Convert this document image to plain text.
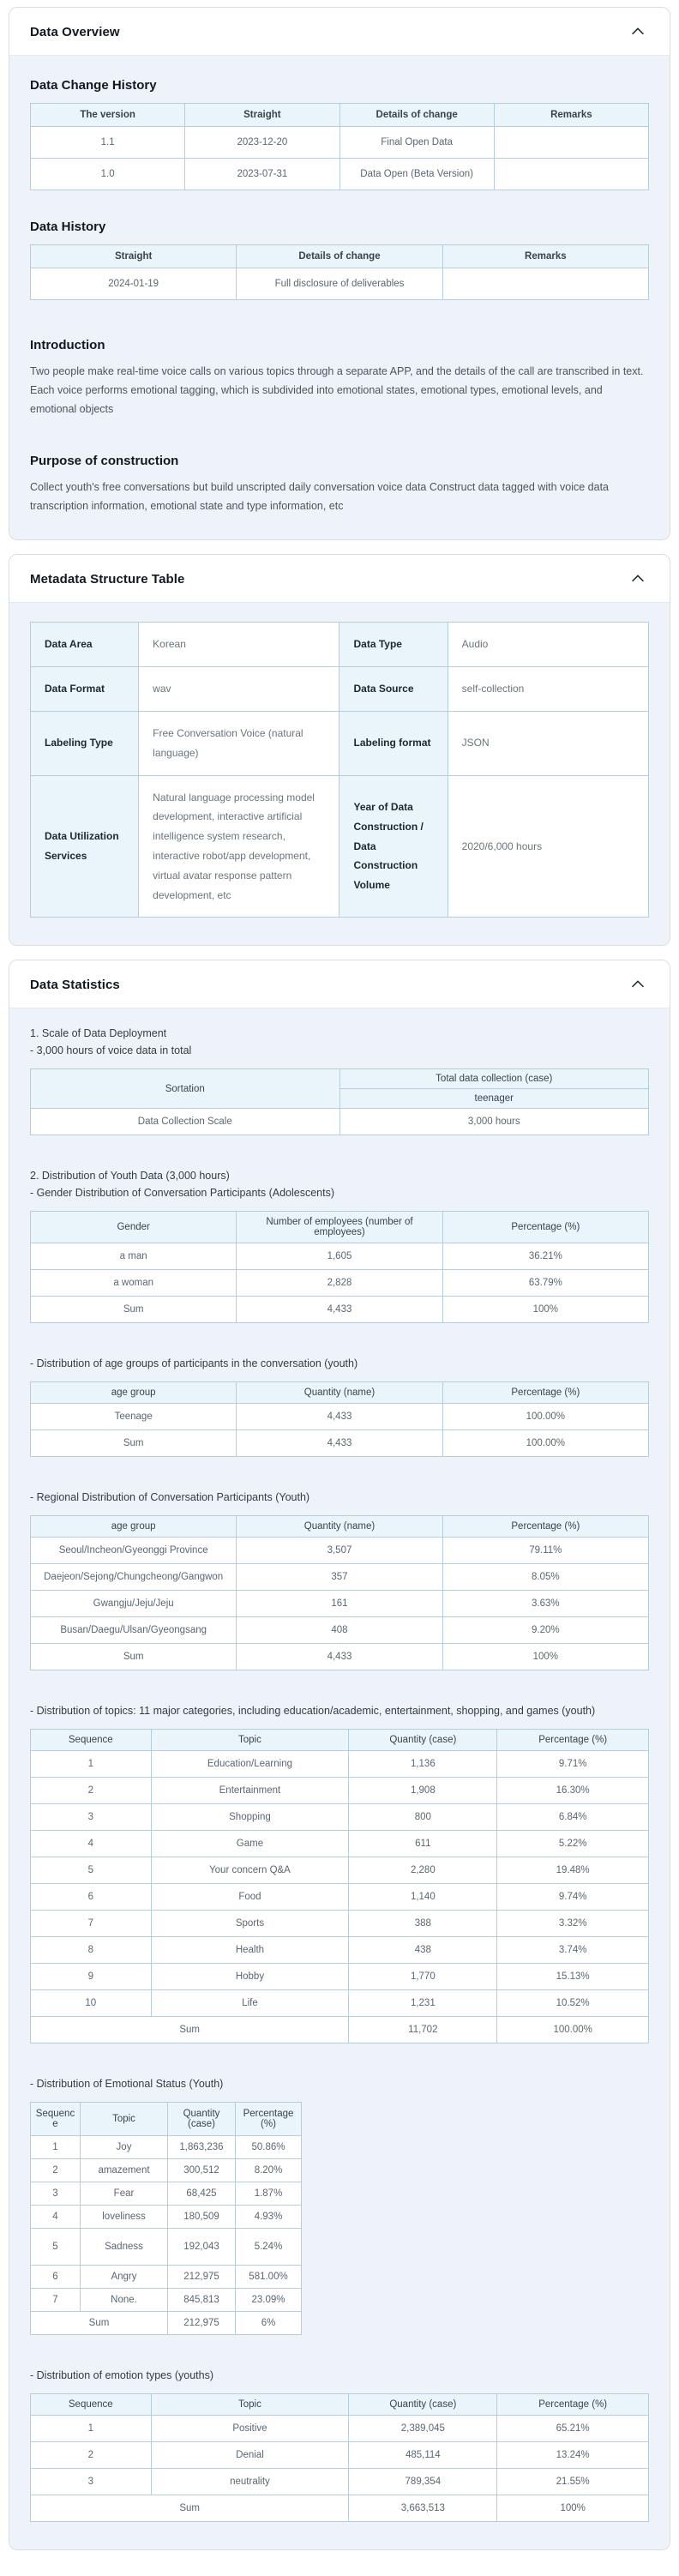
Data Overview
Data Change History
The version	Straight	Details of change	Remarks
1.1	2023-12-20	Final Open Data	
1.0	2023-07-31	Data Open (Beta Version)	
Data History
Straight	Details of change	Remarks
2024-01-19	Full disclosure of deliverables	
Introduction

Two people make real-time voice calls on various topics through a separate APP, and the details of the call are transcribed in text. Each voice performs emotional tagging, which is subdivided into emotional states, emotional types, emotional levels, and emotional objects

Purpose of construction

Collect youth's free conversations but build unscripted daily conversation voice data Construct data tagged with voice data transcription information, emotional state and type information, etc

Metadata Structure Table
Data Area	Korean	Data Type	Audio
Data Format	wav	Data Source	self-collection
Labeling Type	Free Conversation Voice (natural language)	Labeling format	JSON
Data Utilization Services	Natural language processing model development, interactive artificial intelligence system research, interactive robot/app development, virtual avatar response pattern development, etc	Year of Data Construction / Data Construction Volume	2020/6,000 hours
Data Statistics

1. Scale of Data Deployment

- 3,000 hours of voice data in total

Sortation	Total data collection (case)
	teenager
Data Collection Scale	3,000 hours

2. Distribution of Youth Data (3,000 hours)

- Gender Distribution of Conversation Participants (Adolescents)

Gender	Number of employees (number of employees)	Percentage (%)
a man	1,605	36.21%
a woman	2,828	63.79%
Sum	4,433	100%

- Distribution of age groups of participants in the conversation (youth)

age group	Quantity (name)	Percentage (%)
Teenage	4,433	100.00%
Sum	4,433	100.00%

- Regional Distribution of Conversation Participants (Youth)

age group	Quantity (name)	Percentage (%)
Seoul/Incheon/Gyeonggi Province	3,507	79.11%
Daejeon/Sejong/Chungcheong/Gangwon	357	8.05%
Gwangju/Jeju/Jeju	161	3.63%
Busan/Daegu/Ulsan/Gyeongsang	408	9.20%
Sum	4,433	100%

- Distribution of topics: 11 major categories, including education/academic, entertainment, shopping, and games (youth)

Sequence	Topic	Quantity (case)	Percentage (%)
1	Education/Learning	1,136	9.71%
2	Entertainment	1,908	16.30%
3	Shopping	800	6.84%
4	Game	611	5.22%
5	Your concern Q&A	2,280	19.48%
6	Food	1,140	9.74%
7	Sports	388	3.32%
8	Health	438	3.74%
9	Hobby	1,770	15.13%
10	Life	1,231	10.52%
Sum		11,702	100.00%

- Distribution of Emotional Status (Youth)

Sequence	Topic	Quantity (case)	Percentage (%)
1	Joy	1,863,236	50.86%
2	amazement	300,512	8.20%
3	Fear	68,425	1.87%
4	loveliness	180,509	4.93%
5	Sadness	192,043	5.24%
6	Angry	212,975	581.00%
7	None.	845,813	23.09%
Sum		212,975	6%

- Distribution of emotion types (youths)

Sequence	Topic	Quantity (case)	Percentage (%)
1	Positive	2,389,045	65.21%
2	Denial	485,114	13.24%
3	neutrality	789,354	21.55%
Sum		3,663,513	100%
